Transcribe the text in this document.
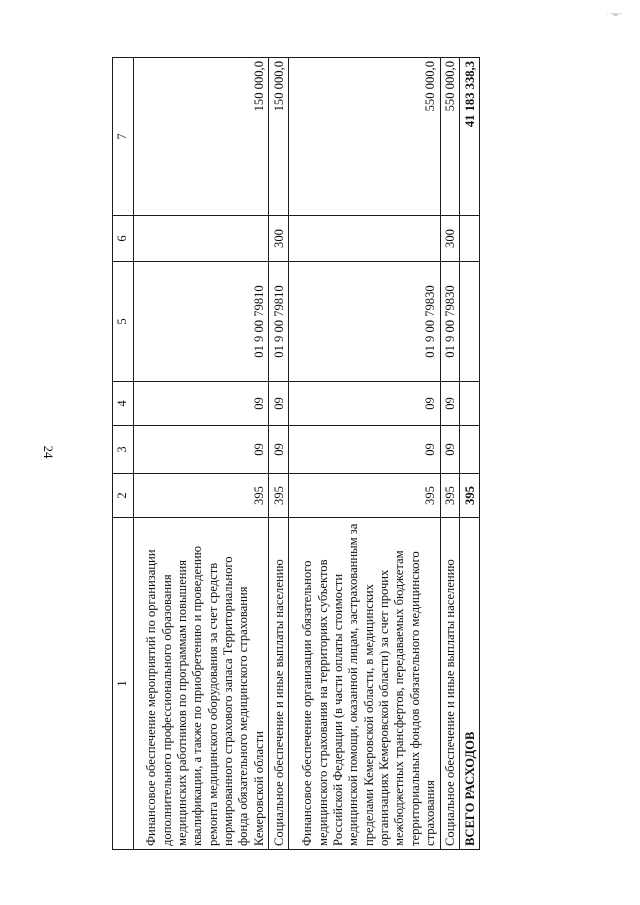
· ~ве~
24
1	2	3	4	5	6	7
Финансовое обеспечение мероприятий по организации дополнительного профессионального образования медицинских работников по программам повышения квалификации, а также по приобретению и проведению ремонта медицинского оборудования за счет средств нормированного страхового запаса Территориального фонда обязательного медицинского страхования Кемеровской области	395	09	09	01 9 00 79810		150 000,0
Социальное обеспечение и иные выплаты населению	395	09	09	01 9 00 79810	300	150 000,0
Финансовое обеспечение организации обязательного медицинского страхования на территориях субъектов Российской Федерации (в части оплаты стоимости медицинской помощи, оказанной лицам, застрахованным за пределами Кемеровской области, в медицинских организациях Кемеровской области) за счет прочих межбюджетных трансфертов, передаваемых бюджетам территориальных фондов обязательного медицинского страхования	395	09	09	01 9 00 79830		550 000,0
Социальное обеспечение и иные выплаты населению	395	09	09	01 9 00 79830	300	550 000,0
ВСЕГО РАСХОДОВ	395					41 183 338,3
